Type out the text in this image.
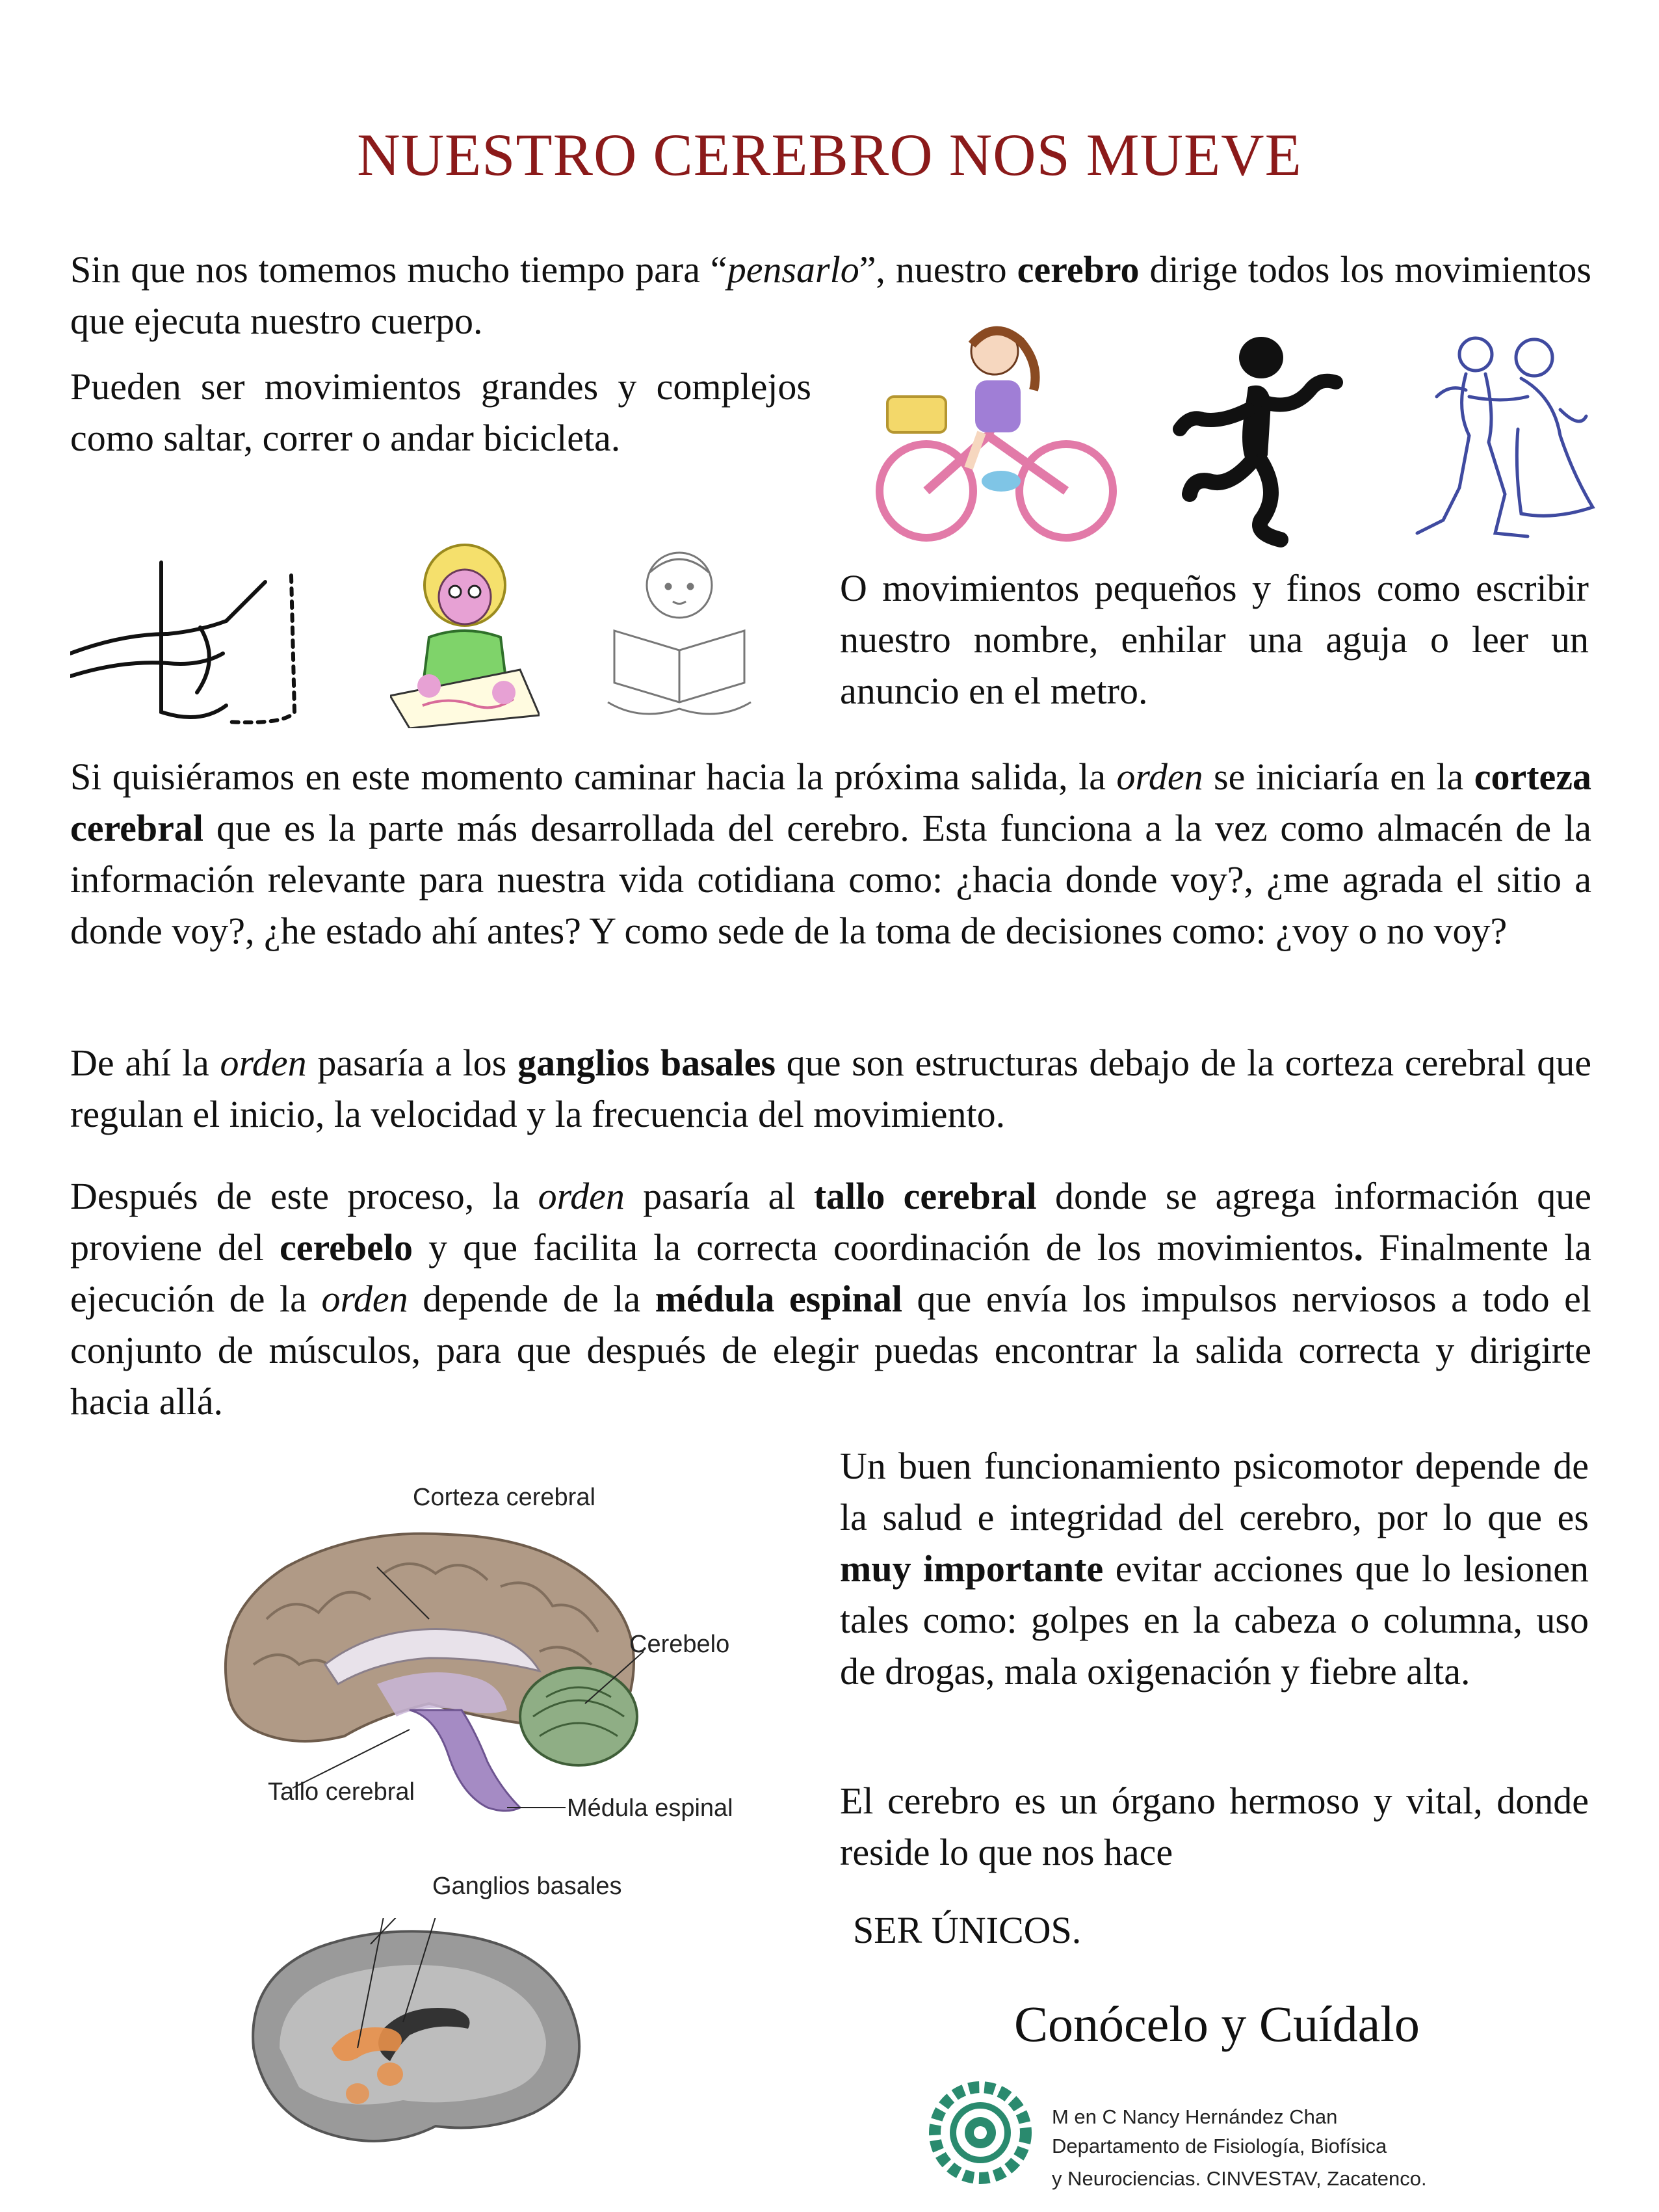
NUESTRO CEREBRO NOS MUEVE
Sin que nos tomemos mucho tiempo para “pensarlo”, nuestro cerebro dirige todos los movimientos que ejecuta nuestro cuerpo.
Pueden ser movimientos grandes y complejos como saltar, correr o andar bicicleta.
O movimientos pequeños y finos como escribir nuestro nombre, enhilar una aguja o leer un anuncio en el metro.
Si quisiéramos en este momento caminar hacia la próxima salida, la orden se iniciaría en la corteza cerebral que es la parte más desarrollada del cerebro. Esta funciona a la vez como almacén de la información relevante para nuestra vida cotidiana como: ¿hacia donde voy?, ¿me agrada el sitio a donde voy?, ¿he estado ahí antes? Y como sede de la toma de decisiones como: ¿voy o no voy?
De ahí la orden pasaría a los ganglios basales que son estructuras debajo de la corteza cerebral que regulan el inicio, la velocidad y la frecuencia del movimiento.
Después de este proceso, la orden pasaría al tallo cerebral donde se agrega información que proviene del cerebelo y que facilita la correcta coordinación de los movimientos. Finalmente la ejecución de la orden depende de la médula espinal que envía los impulsos nerviosos a todo el conjunto de músculos, para que después de elegir puedas encontrar la salida correcta y dirigirte hacia allá.
Corteza cerebral
Cerebelo
Tallo cerebral
Médula espinal
Ganglios basales
Un buen funcionamiento psicomotor depende de la salud e integridad del cerebro, por lo que es muy importante evitar acciones que lo lesionen tales como: golpes en la cabeza o columna, uso de drogas, mala oxigenación y fiebre alta.
El cerebro es un órgano hermoso y vital, donde reside lo que nos hace
SER ÚNICOS.
Conócelo y Cuídalo
M en C Nancy Hernández Chan
Departamento de Fisiología, Biofísica
y Neurociencias. CINVESTAV, Zacatenco.
